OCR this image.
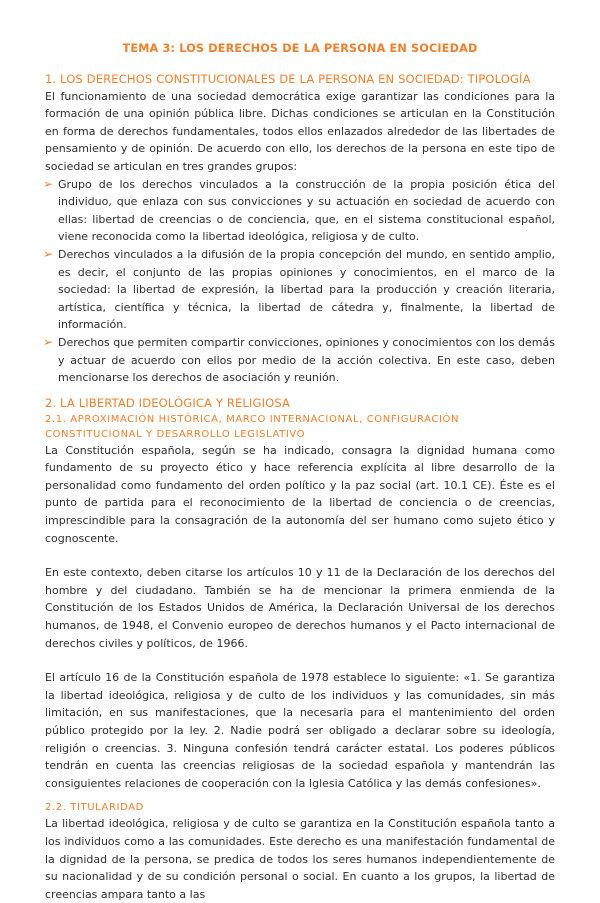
TEMA 3: LOS DERECHOS DE LA PERSONA EN SOCIEDAD
1. LOS DERECHOS CONSTITUCIONALES DE LA PERSONA EN SOCIEDAD: TIPOLOGÍA

El funcionamiento de una sociedad democrática exige garantizar las condiciones para la formación de una opinión pública libre. Dichas condiciones se articulan en la Constitución en forma de derechos fundamentales, todos ellos enlazados alrededor de las libertades de pensamiento y de opinión. De acuerdo con ello, los derechos de la persona en este tipo de sociedad se articulan en tres grandes grupos:

➢ Grupo de los derechos vinculados a la construcción de la propia posición ética del individuo, que enlaza con sus convicciones y su actuación en sociedad de acuerdo con ellas: libertad de creencias o de conciencia, que, en el sistema constitucional español, viene reconocida como la libertad ideológica, religiosa y de culto.
➢ Derechos vinculados a la difusión de la propia concepción del mundo, en sentido amplio, es decir, el conjunto de las propias opiniones y conocimientos, en el marco de la sociedad: la libertad de expresión, la libertad para la producción y creación literaria, artística, científica y técnica, la libertad de cátedra y, finalmente, la libertad de información.
➢ Derechos que permiten compartir convicciones, opiniones y conocimientos con los demás y actuar de acuerdo con ellos por medio de la acción colectiva. En este caso, deben mencionarse los derechos de asociación y reunión.
2. LA LIBERTAD IDEOLÓGICA Y RELIGIOSA
2.1. APROXIMACIÓN HISTÓRICA, MARCO INTERNACIONAL, CONFIGURACIÓN CONSTITUCIONAL Y DESARROLLO LEGISLATIVO

La Constitución española, según se ha indicado, consagra la dignidad humana como fundamento de su proyecto ético y hace referencia explícita al libre desarrollo de la personalidad como fundamento del orden político y la paz social (art. 10.1 CE). Éste es el punto de partida para el reconocimiento de la libertad de conciencia o de creencias, imprescindible para la consagración de la autonomía del ser humano como sujeto ético y cognoscente.

En este contexto, deben citarse los artículos 10 y 11 de la Declaración de los derechos del hombre y del ciudadano. También se ha de mencionar la primera enmienda de la Constitución de los Estados Unidos de América, la Declaración Universal de los derechos humanos, de 1948, el Convenio europeo de derechos humanos y el Pacto internacional de derechos civiles y políticos, de 1966.

El artículo 16 de la Constitución española de 1978 establece lo siguiente: «1. Se garantiza la libertad ideológica, religiosa y de culto de los individuos y las comunidades, sin más limitación, en sus manifestaciones, que la necesaria para el mantenimiento del orden público protegido por la ley. 2. Nadie podrá ser obligado a declarar sobre su ideología, religión o creencias. 3. Ninguna confesión tendrá carácter estatal. Los poderes públicos tendrán en cuenta las creencias religiosas de la sociedad española y mantendrán las consiguientes relaciones de cooperación con la Iglesia Católica y las demás confesiones».

2.2. TITULARIDAD

La libertad ideológica, religiosa y de culto se garantiza en la Constitución española tanto a los individuos como a las comunidades. Este derecho es una manifestación fundamental de la dignidad de la persona, se predica de todos los seres humanos independientemente de su nacionalidad y de su condición personal o social. En cuanto a los grupos, la libertad de creencias ampara tanto a las
